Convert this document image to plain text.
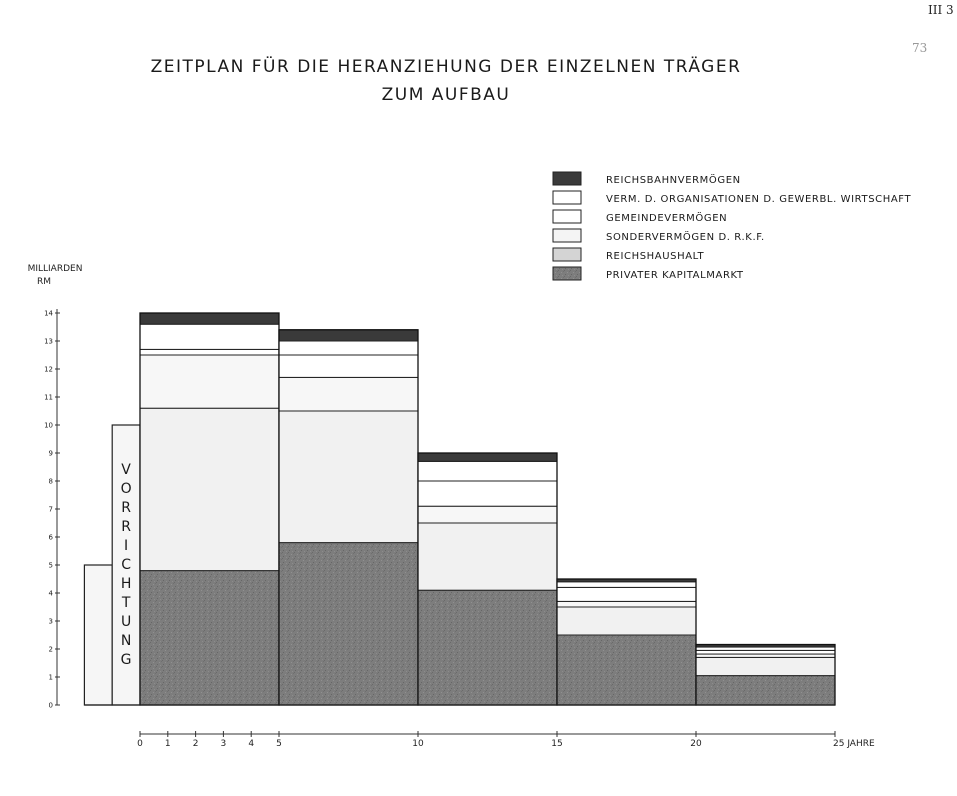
III 3
73
ZEITPLAN FÜR DIE HERANZIEHUNG DER EINZELNEN TRÄGER
ZUM AUFBAU
REICHSBAHNVERMÖGEN
VERM. D. ORGANISATIONEN D. GEWERBL. WIRTSCHAFT
GEMEINDEVERMÖGEN
SONDERVERMÖGEN D. R.K.F.
REICHSHAUSHALT
PRIVATER KAPITALMARKT
MILLIARDEN
RM
0
1
2
3
4
5
6
7
8
9
10
11
12
13
14
V
O
R
R
I
C
H
T
U
N
G
0 1 2 3 4 5	10	15	20	25 JAHRE
